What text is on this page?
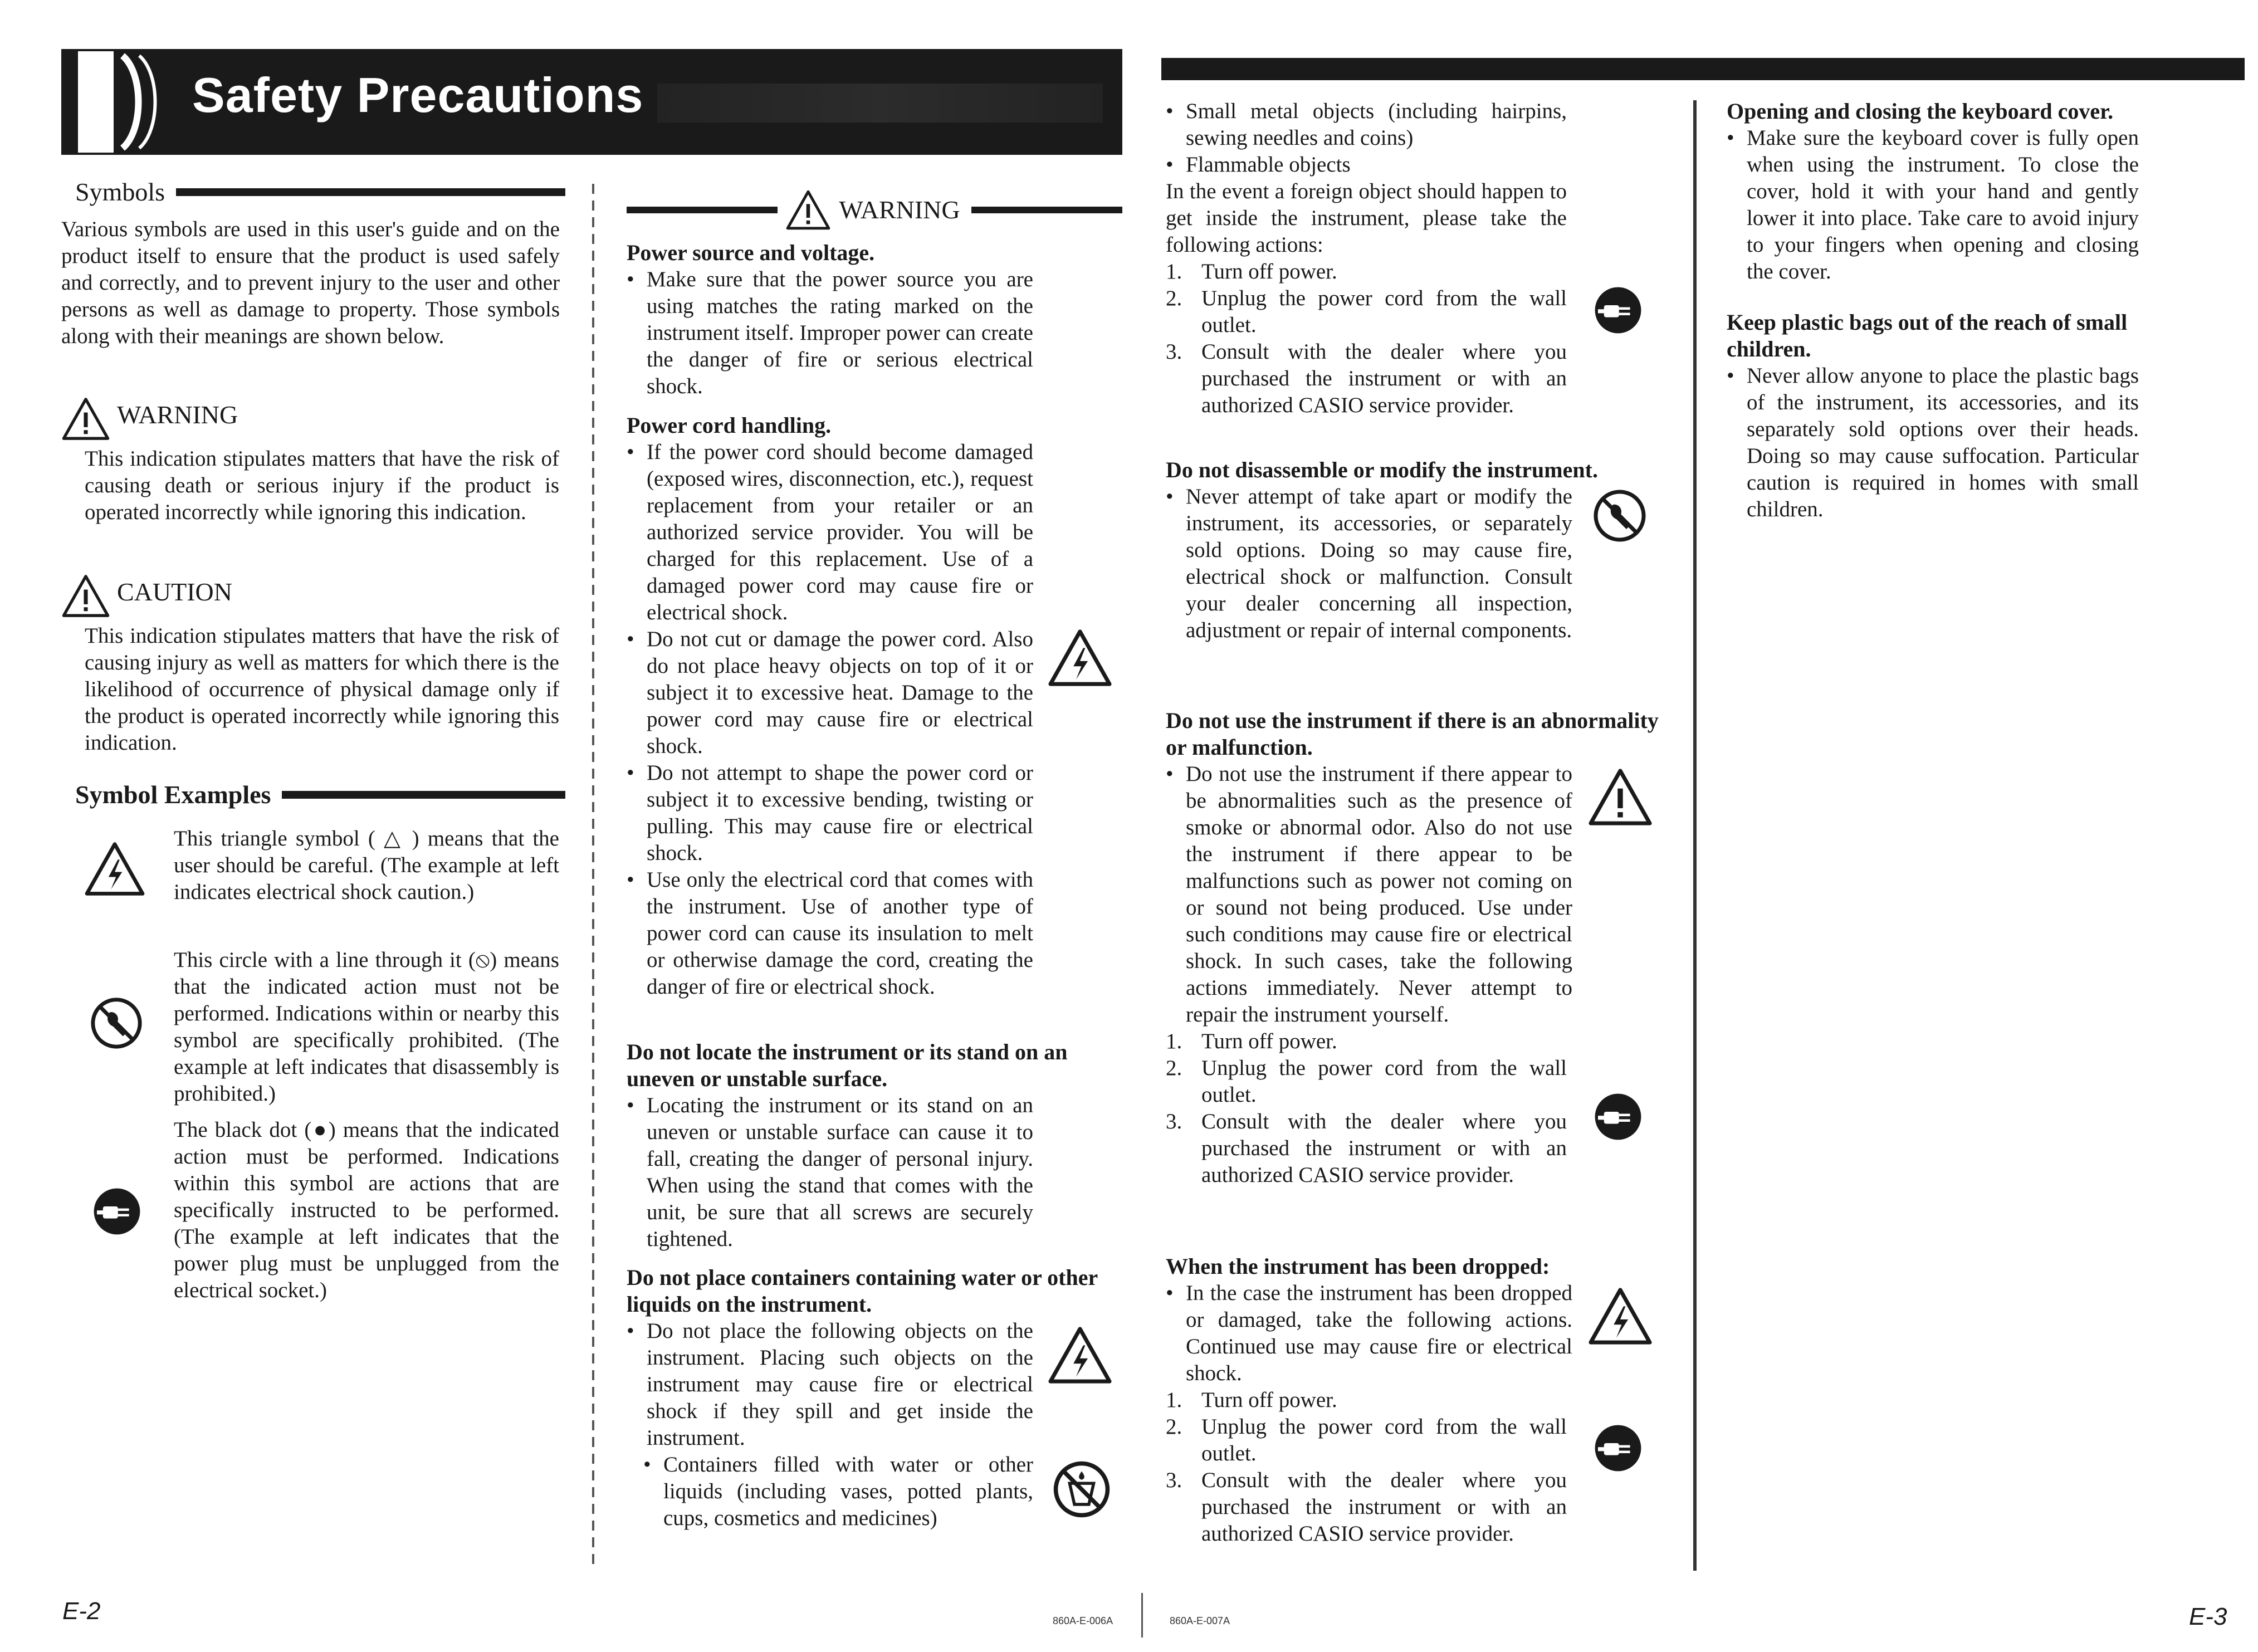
Safety Precautions
Symbols
Various symbols are used in this user's guide and on the product itself to ensure that the product is used safely and correctly, and to prevent injury to the user and other persons as well as damage to property. Those symbols along with their meanings are shown below.
WARNING
This indication stipulates matters that have the risk of causing death or serious injury if the product is operated incorrectly while ignoring this indication.
CAUTION
This indication stipulates matters that have the risk of causing injury as well as matters for which there is the likelihood of occurrence of physical damage only if the product is operated incorrectly while ignoring this indication.
Symbol Examples
This triangle symbol ( △ ) means that the user should be careful. (The example at left indicates electrical shock caution.)
This circle with a line through it (⦸) means that the indicated action must not be performed. Indications within or nearby this symbol are specifically prohibited. (The example at left indicates that disassembly is prohibited.)
The black dot (●) means that the indicated action must be performed. Indications within this symbol are actions that are specifically instructed to be performed. (The example at left indicates that the power plug must be unplugged from the electrical socket.)
WARNING
Power source and voltage.
• Make sure that the power source you are using matches the rating marked on the instrument itself. Improper power can create the danger of fire or serious electrical shock.
Power cord handling.
• If the power cord should become damaged (exposed wires, disconnection, etc.), request replacement from your retailer or an authorized service provider. You will be charged for this replacement. Use of a damaged power cord may cause fire or electrical shock.
• Do not cut or damage the power cord. Also do not place heavy objects on top of it or subject it to excessive heat. Damage to the power cord may cause fire or electrical shock.
• Do not attempt to shape the power cord or subject it to excessive bending, twisting or pulling. This may cause fire or electrical shock.
• Use only the electrical cord that comes with the instrument. Use of another type of power cord can cause its insulation to melt or otherwise damage the cord, creating the danger of fire or electrical shock.
Do not locate the instrument or its stand on an uneven or unstable surface.
• Locating the instrument or its stand on an uneven or unstable surface can cause it to fall, creating the danger of personal injury. When using the stand that comes with the unit, be sure that all screws are securely tightened.
Do not place containers containing water or other liquids on the instrument.
• Do not place the following objects on the instrument. Placing such objects on the instrument may cause fire or electrical shock if they spill and get inside the instrument.
• Containers filled with water or other liquids (including vases, potted plants, cups, cosmetics and medicines)
E-2	860A-E-006A
• Small metal objects (including hairpins, sewing needles and coins)
• Flammable objects
In the event a foreign object should happen to get inside the instrument, please take the following actions:
1. Turn off power.
2. Unplug the power cord from the wall outlet.
3. Consult with the dealer where you purchased the instrument or with an authorized CASIO service provider.
Do not disassemble or modify the instrument.
• Never attempt of take apart or modify the instrument, its accessories, or separately sold options. Doing so may cause fire, electrical shock or malfunction. Consult your dealer concerning all inspection, adjustment or repair of internal components.
Do not use the instrument if there is an abnormality or malfunction.
• Do not use the instrument if there appear to be abnormalities such as the presence of smoke or abnormal odor. Also do not use the instrument if there appear to be malfunctions such as power not coming on or sound not being produced. Use under such conditions may cause fire or electrical shock. In such cases, take the following actions immediately. Never attempt to repair the instrument yourself.
1. Turn off power.
2. Unplug the power cord from the wall outlet.
3. Consult with the dealer where you purchased the instrument or with an authorized CASIO service provider.
When the instrument has been dropped:
• In the case the instrument has been dropped or damaged, take the following actions. Continued use may cause fire or electrical shock.
1. Turn off power.
2. Unplug the power cord from the wall outlet.
3. Consult with the dealer where you purchased the instrument or with an authorized CASIO service provider.
860A-E-007A
Opening and closing the keyboard cover.
• Make sure the keyboard cover is fully open when using the instrument. To close the cover, hold it with your hand and gently lower it into place. Take care to avoid injury to your fingers when opening and closing the cover.
Keep plastic bags out of the reach of small children.
• Never allow anyone to place the plastic bags of the instrument, its accessories, and its separately sold options over their heads. Doing so may cause suffocation. Particular caution is required in homes with small children.
E-3
